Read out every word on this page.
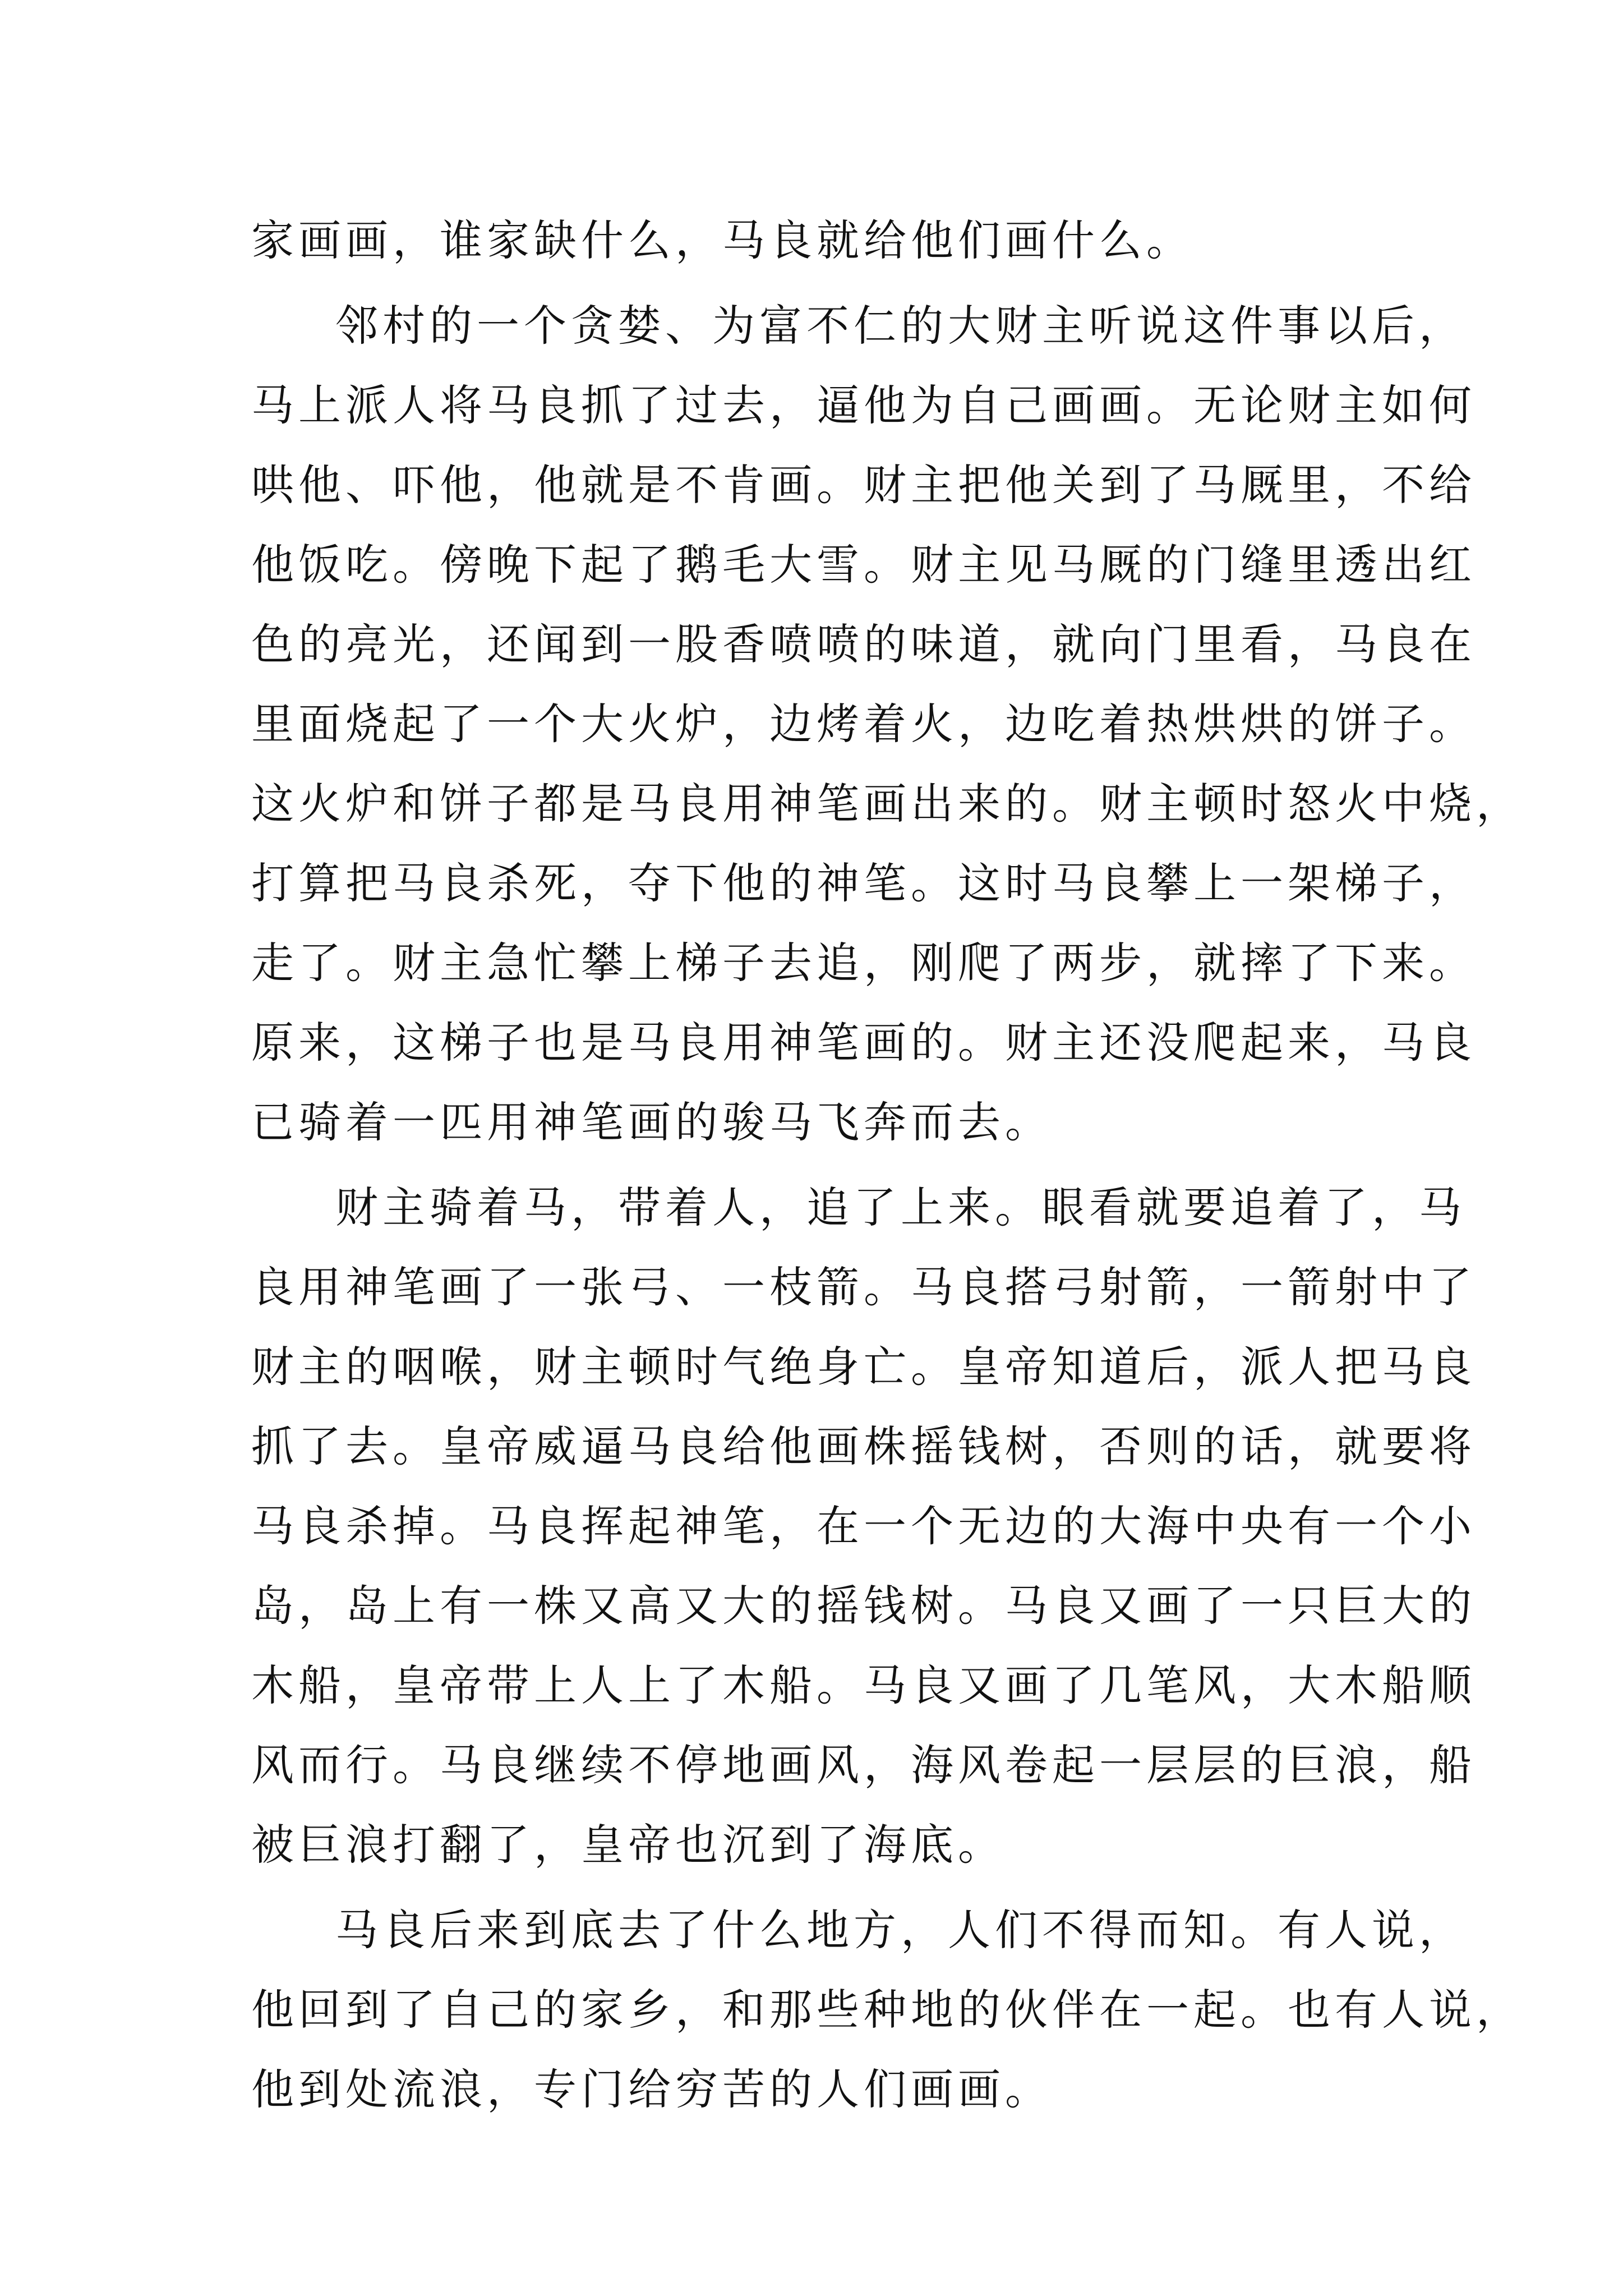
家画画，谁家缺什么，马良就给他们画什么。
邻村的一个贪婪、为富不仁的大财主听说这件事以后，
马上派人将马良抓了过去，逼他为自己画画。无论财主如何
哄他、吓他，他就是不肯画。财主把他关到了马厩里，不给
他饭吃。傍晚下起了鹅毛大雪。财主见马厩的门缝里透出红
色的亮光，还闻到一股香喷喷的味道，就向门里看，马良在
里面烧起了一个大火炉，边烤着火，边吃着热烘烘的饼子。
这火炉和饼子都是马良用神笔画出来的。财主顿时怒火中烧，
打算把马良杀死，夺下他的神笔。这时马良攀上一架梯子，
走了。财主急忙攀上梯子去追，刚爬了两步，就摔了下来。
原来，这梯子也是马良用神笔画的。财主还没爬起来，马良
已骑着一匹用神笔画的骏马飞奔而去。
财主骑着马，带着人，追了上来。眼看就要追着了，马
良用神笔画了一张弓、一枝箭。马良搭弓射箭，一箭射中了
财主的咽喉，财主顿时气绝身亡。皇帝知道后，派人把马良
抓了去。皇帝威逼马良给他画株摇钱树，否则的话，就要将
马良杀掉。马良挥起神笔，在一个无边的大海中央有一个小
岛，岛上有一株又高又大的摇钱树。马良又画了一只巨大的
木船，皇帝带上人上了木船。马良又画了几笔风，大木船顺
风而行。马良继续不停地画风，海风卷起一层层的巨浪，船
被巨浪打翻了，皇帝也沉到了海底。
马良后来到底去了什么地方，人们不得而知。有人说，
他回到了自己的家乡，和那些种地的伙伴在一起。也有人说，
他到处流浪，专门给穷苦的人们画画。
